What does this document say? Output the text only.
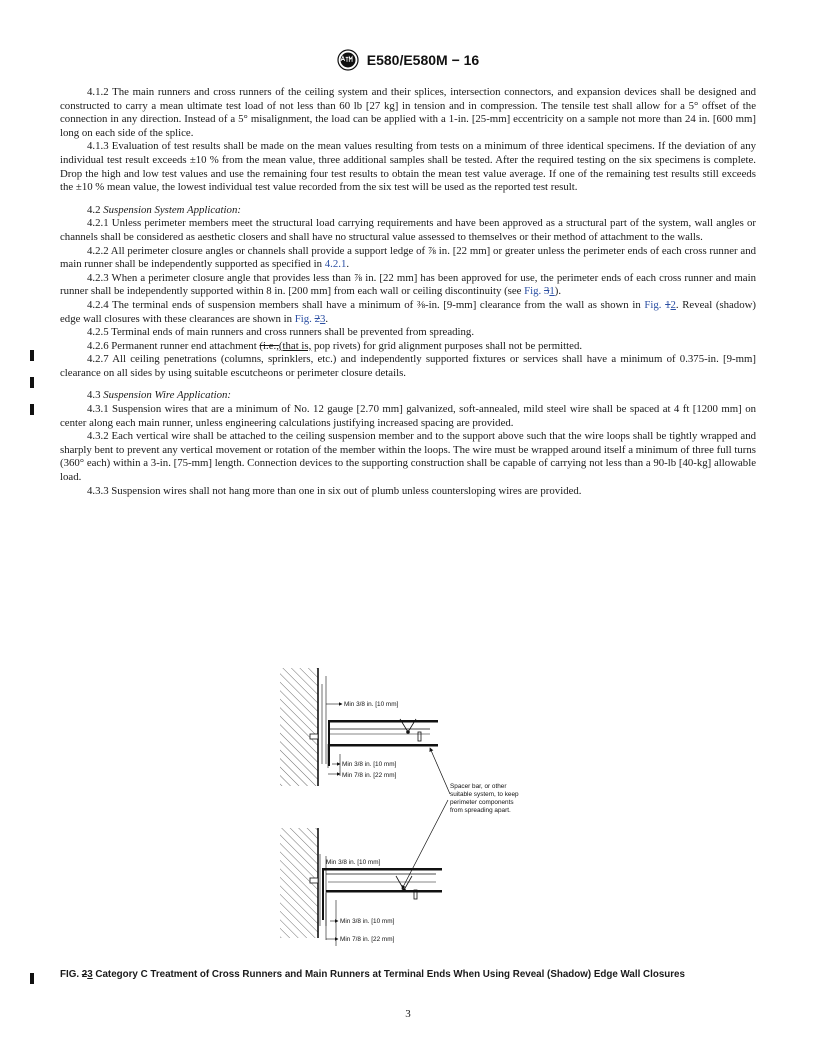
E580/E580M − 16

4.1.2 The main runners and cross runners of the ceiling system and their splices, intersection connectors, and expansion devices shall be designed and constructed to carry a mean ultimate test load of not less than 60 lb [27 kg] in tension and in compression. The tensile test shall allow for a 5° offset of the connection in any direction. Instead of a 5° misalignment, the load can be applied with a 1-in. [25-mm] eccentricity on a sample not more than 24 in. [600 mm] long on each side of the splice.

4.1.3 Evaluation of test results shall be made on the mean values resulting from tests on a minimum of three identical specimens. If the deviation of any individual test result exceeds ±10 % from the mean value, three additional samples shall be tested. After the required testing on the six specimens is complete. Drop the high and low test values and use the remaining four test results to obtain the mean test value average. If one of the remaining test results still exceeds the ±10 % mean value, the lowest individual test value recorded from the six test will be used as the reported test result.

4.2 Suspension System Application:

4.2.1 Unless perimeter members meet the structural load carrying requirements and have been approved as a structural part of the system, wall angles or channels shall be considered as aesthetic closers and shall have no structural value assessed to themselves or their method of attachment to the walls.

4.2.2 All perimeter closure angles or channels shall provide a support ledge of ⅞ in. [22 mm] or greater unless the perimeter ends of each cross runner and main runner shall be independently supported as specified in 4.2.1.

4.2.3 When a perimeter closure angle that provides less than ⅞ in. [22 mm] has been approved for use, the perimeter ends of each cross runner and main runner shall be independently supported within 8 in. [200 mm] from each wall or ceiling discontinuity (see Fig. 31).

4.2.4 The terminal ends of suspension members shall have a minimum of ⅜-in. [9-mm] clearance from the wall as shown in Fig. 12. Reveal (shadow) edge wall closures with these clearances are shown in Fig. 23.

4.2.5 Terminal ends of main runners and cross runners shall be prevented from spreading.

4.2.6 Permanent runner end attachment (i.e.,(that is, pop rivets) for grid alignment purposes shall not be permitted.

4.2.7 All ceiling penetrations (columns, sprinklers, etc.) and independently supported fixtures or services shall have a minimum of 0.375-in. [9-mm] clearance on all sides by using suitable escutcheons or perimeter closure details.

4.3 Suspension Wire Application:

4.3.1 Suspension wires that are a minimum of No. 12 gauge [2.70 mm] galvanized, soft-annealed, mild steel wire shall be spaced at 4 ft [1200 mm] on center along each main runner, unless engineering calculations justifying increased spacing are provided.

4.3.2 Each vertical wire shall be attached to the ceiling suspension member and to the support above such that the wire loops shall be tightly wrapped and sharply bent to prevent any vertical movement or rotation of the member within the loops. The wire must be wrapped around itself a minimum of three full turns (360° each) within a 3-in. [75-mm] length. Connection devices to the supporting construction shall be capable of carrying not less than a 90-lb [40-kg] allowable load.

4.3.3 Suspension wires shall not hang more than one in six out of plumb unless countersloping wires are provided.

Min 3/8 in. [10 mm]
Min 3/8 in. [10 mm]
Min 7/8 in. [22 mm]
Spacer bar, or other
suitable system, to keep
perimeter components
from spreading apart.
Min 3/8 in. [10 mm]
Min 3/8 in. [10 mm]
Min 7/8 in. [22 mm]
FIG. 23 Category C Treatment of Cross Runners and Main Runners at Terminal Ends When Using Reveal (Shadow) Edge Wall Closures
3
